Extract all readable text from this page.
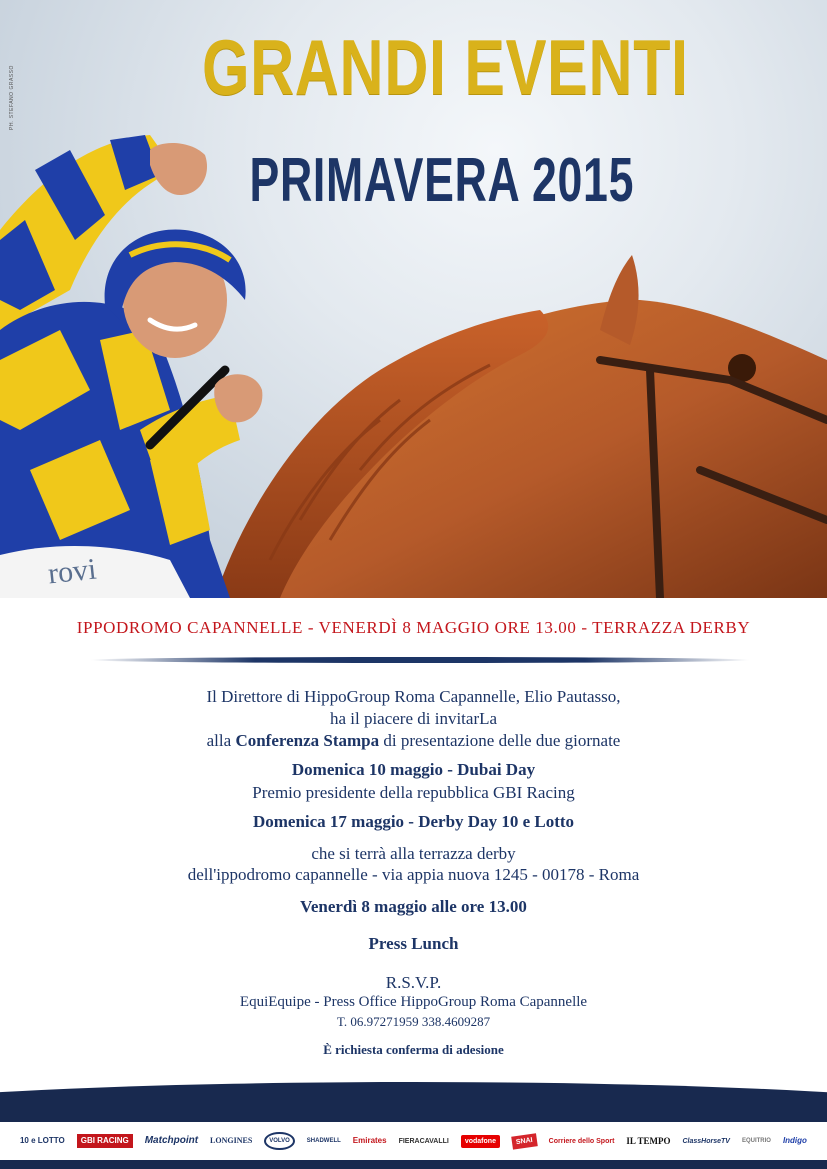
PH. STEFANO GRASSO	GRANDI EVENTI
PRIMAVERA 2015
rovi
IPPODROMO CAPANNELLE - VENERDÌ 8 MAGGIO ORE 13.00 - TERRAZZA DERBY
Il Direttore di HippoGroup Roma Capannelle, Elio Pautasso,
ha il piacere di invitarLa
alla Conferenza Stampa di presentazione delle due giornate
Domenica 10 maggio - Dubai Day
Premio presidente della repubblica GBI Racing
Domenica 17 maggio - Derby Day 10 e Lotto
che si terrà alla terrazza derby
dell'ippodromo capannelle - via appia nuova 1245 - 00178 - Roma
Venerdì 8 maggio alle ore 13.00
Press Lunch
R.S.V.P.
EquiEquipe - Press Office HippoGroup Roma Capannelle
T. 06.97271959 338.4609287
È richiesta conferma di adesione
10 e LOTTO	GBI RACING	Matchpoint LONGINES	VOLVO	SHADWELL Emirates FIERACAVALLI	vodafone	SNAI	Corriere dello Sport IL TEMPO ClassHorseTV EQUITRIO Indigo
